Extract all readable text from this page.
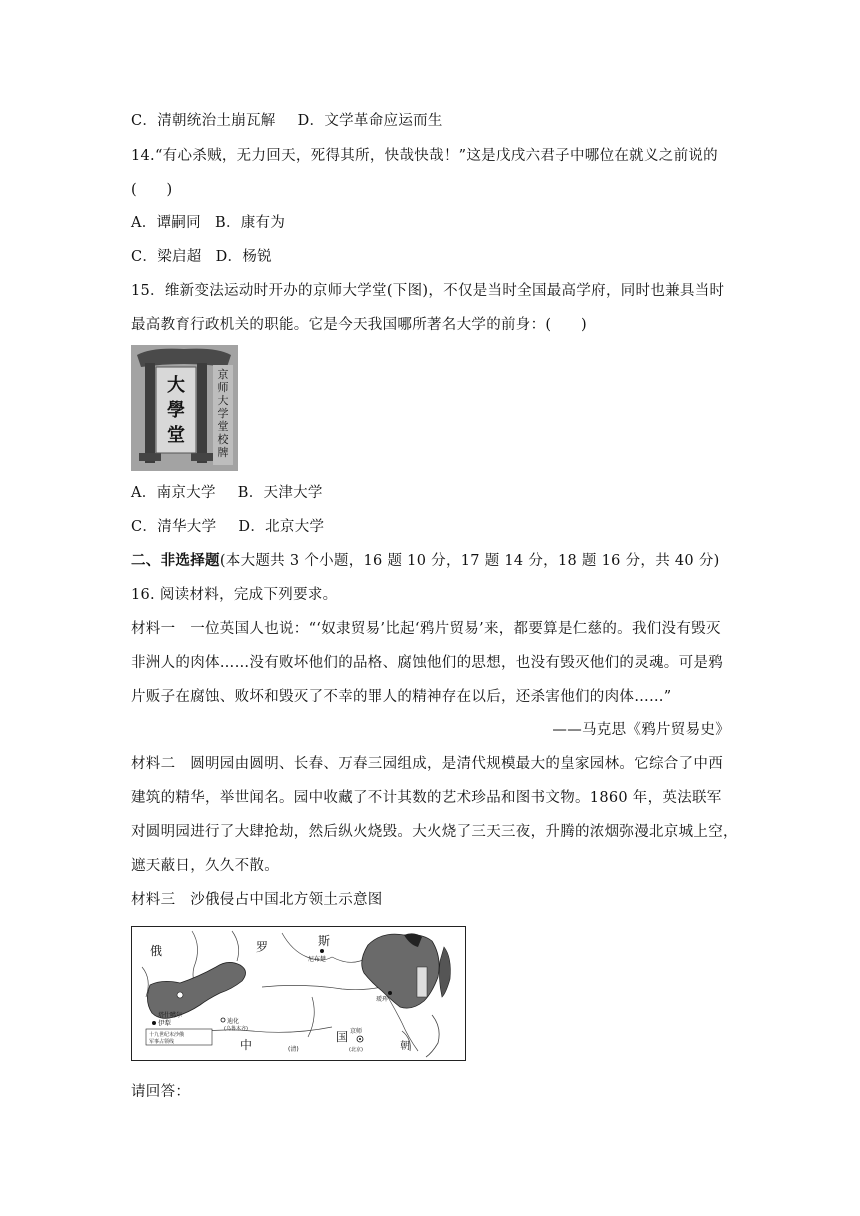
C．清朝统治土崩瓦解 D．文学革命应运而生
14.“有心杀贼，无力回天，死得其所，快哉快哉！”这是戊戌六君子中哪位在就义之前说的
(　　)
A．谭嗣同 B．康有为
C．梁启超 D．杨锐
15．维新变法运动时开办的京师大学堂(下图)，不仅是当时全国最高学府，同时也兼具当时
最高教育行政机关的职能。它是今天我国哪所著名大学的前身：(　　)
大
學
堂
京
师
大
学
堂
校
牌
A．南京大学 B．天津大学
C．清华大学 D．北京大学
二、非选择题(本大题共 3 个小题，16 题 10 分，17 题 14 分，18 题 16 分，共 40 分)
16. 阅读材料，完成下列要求。
材料一　一位英国人也说：“‘奴隶贸易’比起‘鸦片贸易’来，都要算是仁慈的。我们没有毁灭
非洲人的肉体……没有败坏他们的品格、腐蚀他们的思想，也没有毁灭他们的灵魂。可是鸦
片贩子在腐蚀、败坏和毁灭了不幸的罪人的精神存在以后，还杀害他们的肉体……”
——马克思《鸦片贸易史》
材料二　圆明园由圆明、长春、万春三园组成，是清代规模最大的皇家园林。它综合了中西
建筑的精华，举世闻名。园中收藏了不计其数的艺术珍品和图书文物。1860 年，英法联军
对圆明园进行了大肆抢劫，然后纵火烧毁。大火烧了三天三夜，升腾的浓烟弥漫北京城上空，
遮天蔽日，久久不散。
材料三　沙俄侵占中国北方领土示意图
俄	罗	斯
尼布楚
瑷珲
伊犁
塔什噶尔
迪化
(乌鲁木齐)
中
国 京师
(北京)
(清)	朝
十九世纪末沙俄
军事占领线
请回答：
